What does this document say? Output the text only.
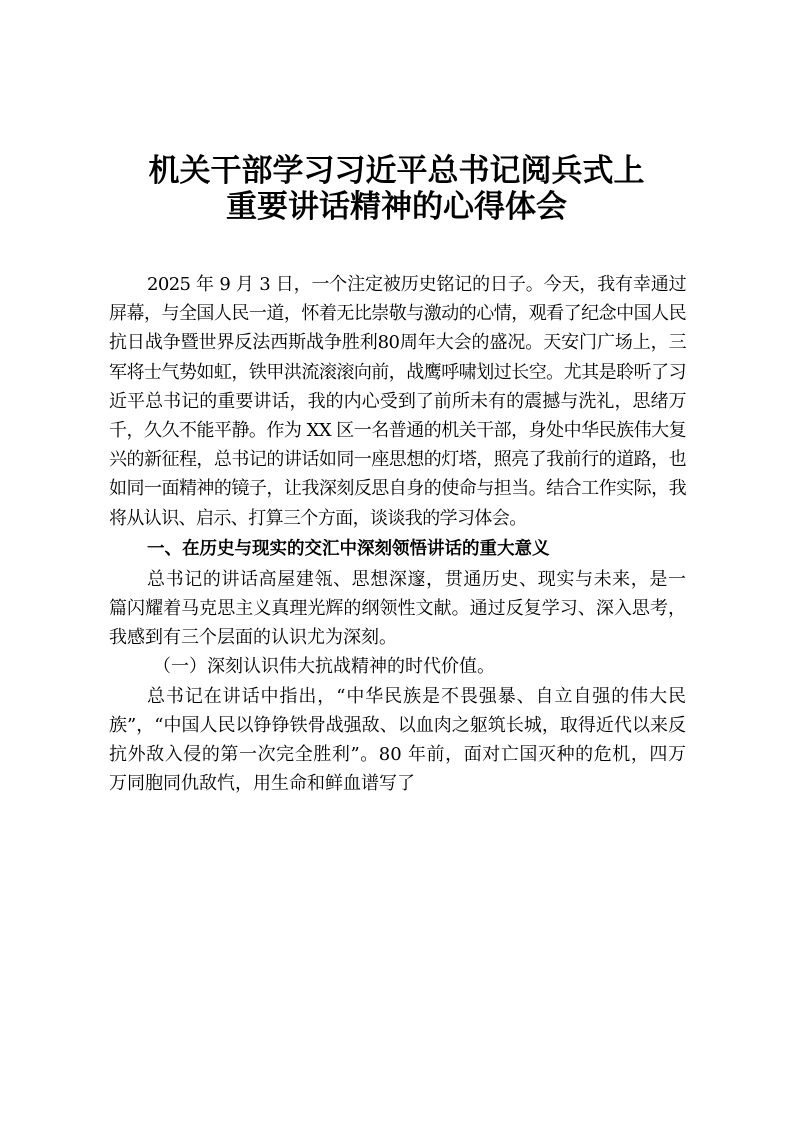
机关干部学习习近平总书记阅兵式上
重要讲话精神的心得体会

2025 年 9 月 3 日，一个注定被历史铭记的日子。今天，我有幸通过屏幕，与全国人民一道，怀着无比崇敬与激动的心情，观看了纪念中国人民抗日战争暨世界反法西斯战争胜利80周年大会的盛况。天安门广场上，三军将士气势如虹，铁甲洪流滚滚向前，战鹰呼啸划过长空。尤其是聆听了习近平总书记的重要讲话，我的内心受到了前所未有的震撼与洗礼，思绪万千，久久不能平静。作为 XX 区一名普通的机关干部，身处中华民族伟大复兴的新征程，总书记的讲话如同一座思想的灯塔，照亮了我前行的道路，也如同一面精神的镜子，让我深刻反思自身的使命与担当。结合工作实际，我将从认识、启示、打算三个方面，谈谈我的学习体会。

一、在历史与现实的交汇中深刻领悟讲话的重大意义

总书记的讲话高屋建瓴、思想深邃，贯通历史、现实与未来，是一篇闪耀着马克思主义真理光辉的纲领性文献。通过反复学习、深入思考，我感到有三个层面的认识尤为深刻。

（一）深刻认识伟大抗战精神的时代价值。

总书记在讲话中指出，“中华民族是不畏强暴、自立自强的伟大民族”，“中国人民以铮铮铁骨战强敌、以血肉之躯筑长城，取得近代以来反抗外敌入侵的第一次完全胜利”。80 年前，面对亡国灭种的危机，四万万同胞同仇敌忾，用生命和鲜血谱写了
